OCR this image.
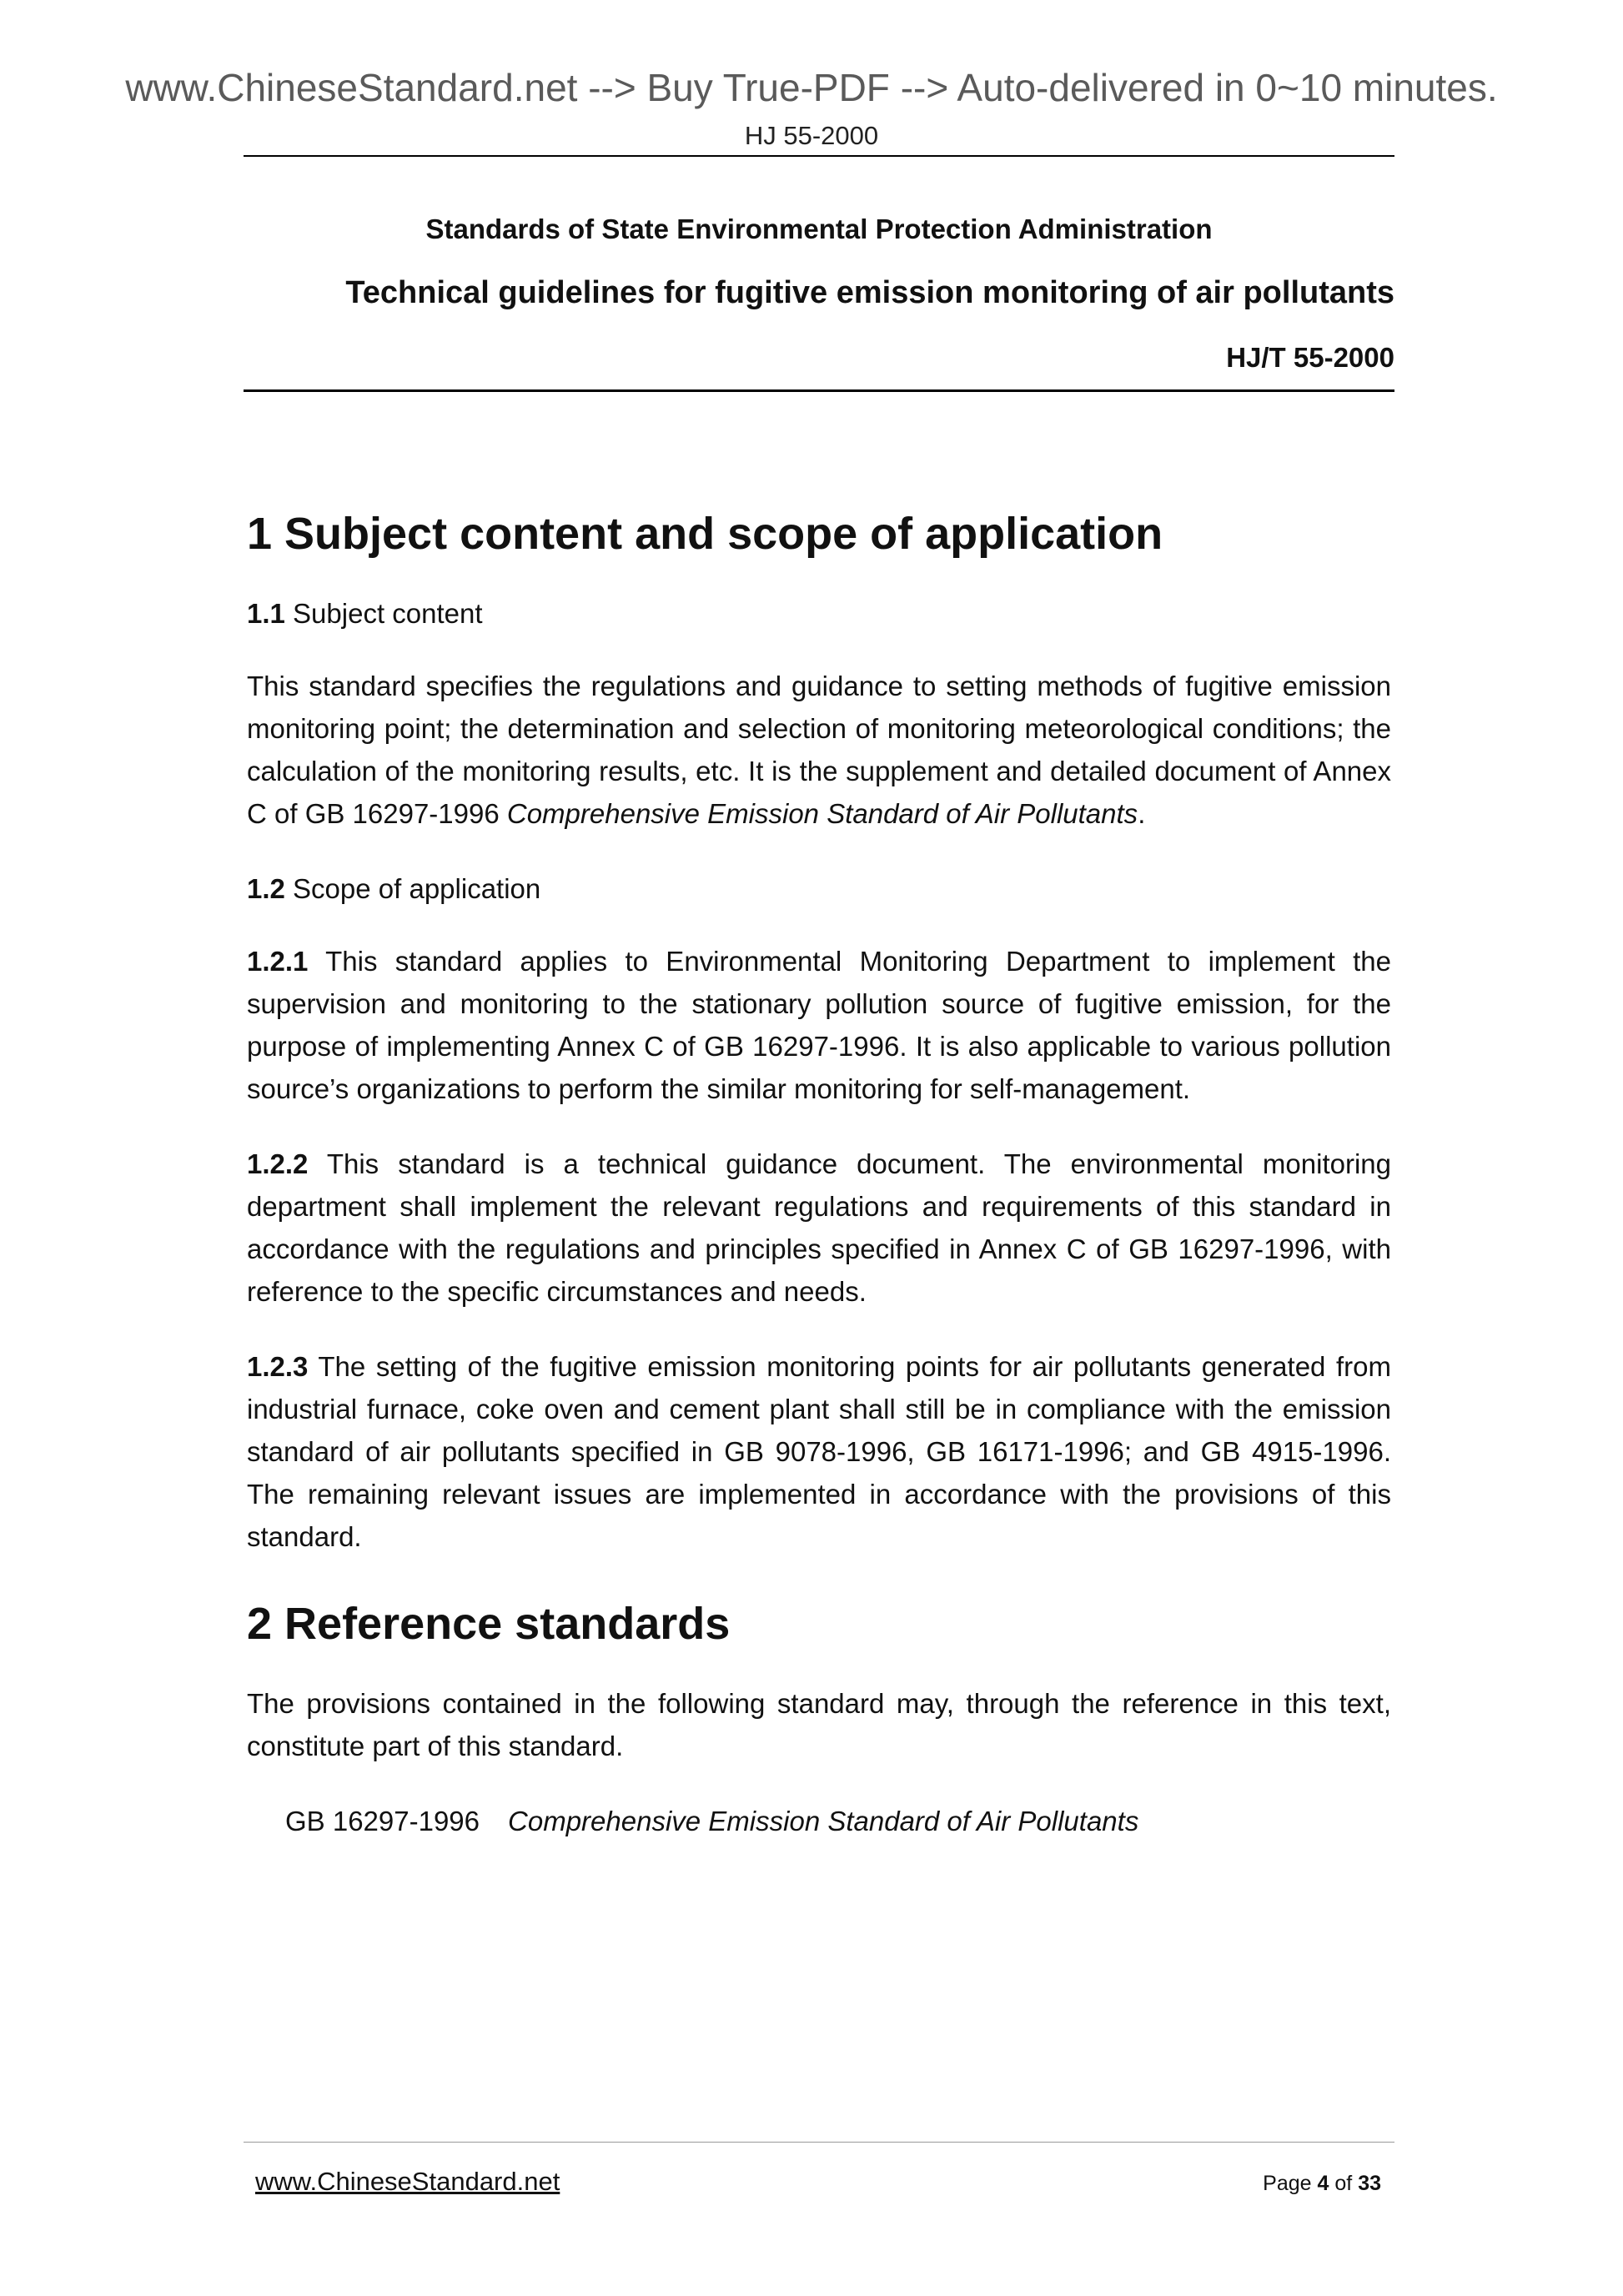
www.ChineseStandard.net --> Buy True-PDF --> Auto-delivered in 0~10 minutes.
HJ 55-2000
Standards of State Environmental Protection Administration
Technical guidelines for fugitive emission monitoring of air pollutants
HJ/T 55-2000
1 Subject content and scope of application

1.1 Subject content

This standard specifies the regulations and guidance to setting methods of fugitive emission monitoring point; the determination and selection of monitoring meteorological conditions; the calculation of the monitoring results, etc. It is the supplement and detailed document of Annex C of GB 16297-1996 Comprehensive Emission Standard of Air Pollutants.

1.2 Scope of application

1.2.1 This standard applies to Environmental Monitoring Department to implement the supervision and monitoring to the stationary pollution source of fugitive emission, for the purpose of implementing Annex C of GB 16297-1996. It is also applicable to various pollution source’s organizations to perform the similar monitoring for self-management.

1.2.2 This standard is a technical guidance document. The environmental monitoring department shall implement the relevant regulations and requirements of this standard in accordance with the regulations and principles specified in Annex C of GB 16297-1996, with reference to the specific circumstances and needs.

1.2.3 The setting of the fugitive emission monitoring points for air pollutants generated from industrial furnace, coke oven and cement plant shall still be in compliance with the emission standard of air pollutants specified in GB 9078-1996, GB 16171-1996; and GB 4915-1996. The remaining relevant issues are implemented in accordance with the provisions of this standard.

2 Reference standards

The provisions contained in the following standard may, through the reference in this text, constitute part of this standard.

GB 16297-1996 Comprehensive Emission Standard of Air Pollutants
www.ChineseStandard.net	Page 4 of 33
